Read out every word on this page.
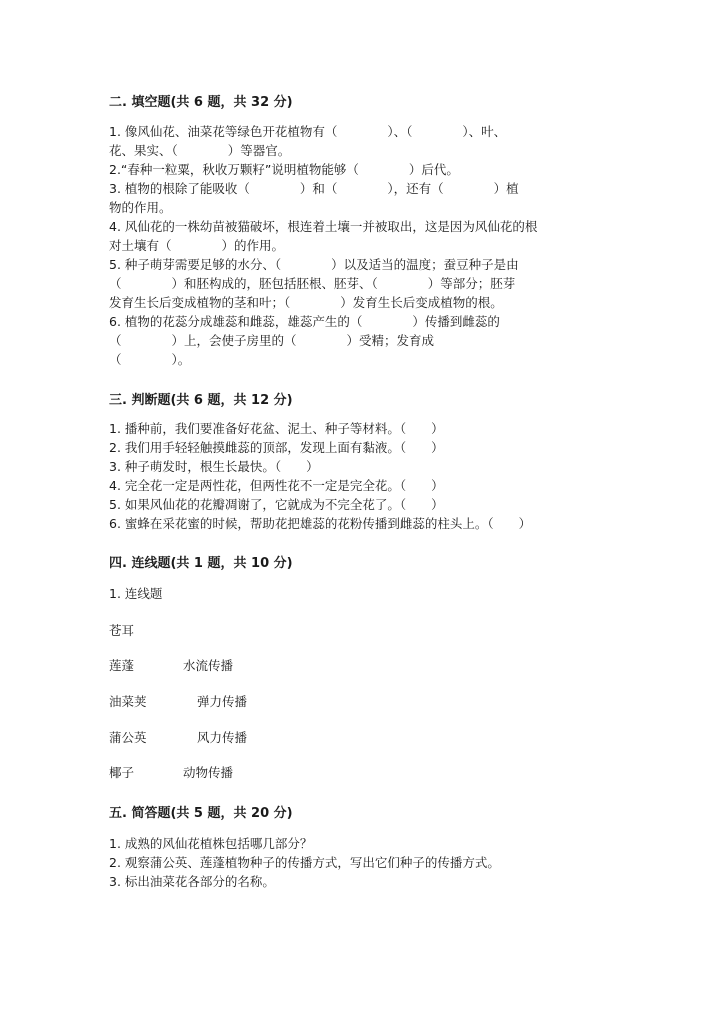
二. 填空题(共 6 题，共 32 分)
1. 像风仙花、油菜花等绿色开花植物有（　　　　）、（　　　　）、叶、
花、果实、（　　　　）等器官。
2.“春种一粒粟，秋收万颗籽”说明植物能够（　　　　）后代。
3. 植物的根除了能吸收（　　　　）和（　　　　），还有（　　　　）植
物的作用。
4. 风仙花的一株幼苗被猫破坏，根连着土壤一并被取出，这是因为风仙花的根
对土壤有（　　　　）的作用。
5. 种子萌芽需要足够的水分、（　　　　）以及适当的温度；蚕豆种子是由
（　　　　）和胚构成的，胚包括胚根、胚芽、（　　　　）等部分；胚芽
发育生长后变成植物的茎和叶；（　　　　）发育生长后变成植物的根。
6. 植物的花蕊分成雄蕊和雌蕊，雄蕊产生的（　　　　）传播到雌蕊的
（　　　　）上，会使子房里的（　　　　）受精；发育成
（　　　　）。
三. 判断题(共 6 题，共 12 分)
1. 播种前，我们要准备好花盆、泥土、种子等材料。（　　）
2. 我们用手轻轻触摸雌蕊的顶部，发现上面有黏液。（　　）
3. 种子萌发时，根生长最快。（　　）
4. 完全花一定是两性花，但两性花不一定是完全花。（　　）
5. 如果风仙花的花瓣凋谢了，它就成为不完全花了。（　　）
6. 蜜蜂在采花蜜的时候，帮助花把雄蕊的花粉传播到雌蕊的柱头上。（　　）
四. 连线题(共 1 题，共 10 分)
1. 连线题
苍耳
莲蓬	水流传播
油菜荚	弹力传播
蒲公英	风力传播
椰子	动物传播
五. 简答题(共 5 题，共 20 分)
1. 成熟的风仙花植株包括哪几部分？
2. 观察蒲公英、莲蓬植物种子的传播方式，写出它们种子的传播方式。
3. 标出油菜花各部分的名称。
